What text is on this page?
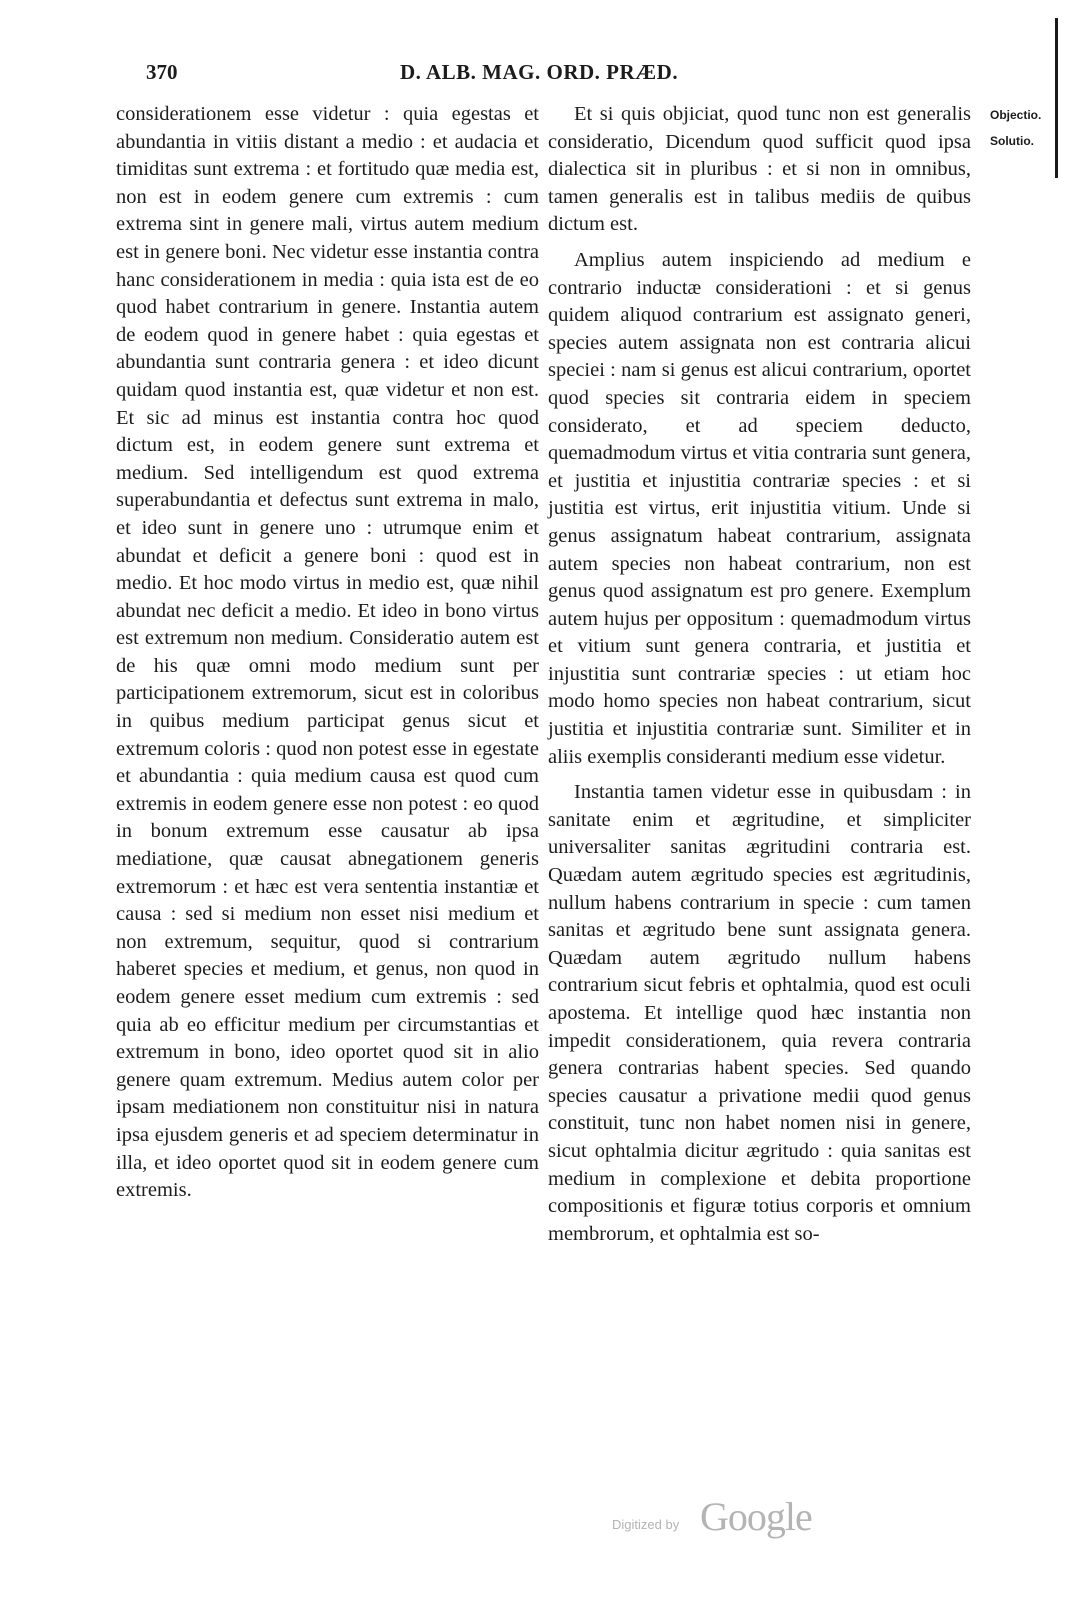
370	D. ALB. MAG. ORD. PRÆD.
Objectio.
Solutio.

considerationem esse videtur : quia egestas et abundantia in vitiis distant a medio : et audacia et timiditas sunt extrema : et fortitudo quæ media est, non est in eodem genere cum extremis : cum extrema sint in genere mali, virtus autem medium est in genere boni. Nec videtur esse instantia contra hanc considerationem in media : quia ista est de eo quod habet contrarium in genere. Instantia autem de eodem quod in genere habet : quia egestas et abundantia sunt contraria genera : et ideo dicunt quidam quod instantia est, quæ videtur et non est. Et sic ad minus est instantia contra hoc quod dictum est, in eodem genere sunt extrema et medium. Sed intelligendum est quod extrema superabundantia et defectus sunt extrema in malo, et ideo sunt in genere uno : utrumque enim et abundat et deficit a genere boni : quod est in medio. Et hoc modo virtus in medio est, quæ nihil abundat nec deficit a medio. Et ideo in bono virtus est extremum non medium. Consideratio autem est de his quæ omni modo medium sunt per participationem extremorum, sicut est in coloribus in quibus medium participat genus sicut et extremum coloris : quod non potest esse in egestate et abundantia : quia medium causa est quod cum extremis in eodem genere esse non potest : eo quod in bonum extremum esse causatur ab ipsa mediatione, quæ causat abnegationem generis extremorum : et hæc est vera sententia instantiæ et causa : sed si medium non esset nisi medium et non extremum, sequitur, quod si contrarium haberet species et medium, et genus, non quod in eodem genere esset medium cum extremis : sed quia ab eo efficitur medium per circumstantias et extremum in bono, ideo oportet quod sit in alio genere quam extremum. Medius autem color per ipsam mediationem non constituitur nisi in natura ipsa ejusdem generis et ad speciem determinatur in illa, et ideo oportet quod sit in eodem genere cum extremis.

Et si quis objiciat, quod tunc non est generalis consideratio, Dicendum quod sufficit quod ipsa dialectica sit in pluribus : et si non in omnibus, tamen generalis est in talibus mediis de quibus dictum est.

Amplius autem inspiciendo ad medium e contrario inductæ considerationi : et si genus quidem aliquod contrarium est assignato generi, species autem assignata non est contraria alicui speciei : nam si genus est alicui contrarium, oportet quod species sit contraria eidem in speciem considerato, et ad speciem deducto, quemadmodum virtus et vitia contraria sunt genera, et justitia et injustitia contrariæ species : et si justitia est virtus, erit injustitia vitium. Unde si genus assignatum habeat contrarium, assignata autem species non habeat contrarium, non est genus quod assignatum est pro genere. Exemplum autem hujus per oppositum : quemadmodum virtus et vitium sunt genera contraria, et justitia et injustitia sunt contrariæ species : ut etiam hoc modo homo species non habeat contrarium, sicut justitia et injustitia contrariæ sunt. Similiter et in aliis exemplis consideranti medium esse videtur.

Instantia tamen videtur esse in quibusdam : in sanitate enim et ægritudine, et simpliciter universaliter sanitas ægritudini contraria est. Quædam autem ægritudo species est ægritudinis, nullum habens contrarium in specie : cum tamen sanitas et ægritudo bene sunt assignata genera. Quædam autem ægritudo nullum habens contrarium sicut febris et ophtalmia, quod est oculi apostema. Et intellige quod hæc instantia non impedit considerationem, quia revera contraria genera contrarias habent species. Sed quando species causatur a privatione medii quod genus constituit, tunc non habet nomen nisi in genere, sicut ophtalmia dicitur ægritudo : quia sanitas est medium in complexione et debita proportione compositionis et figuræ totius corporis et omnium membrorum, et ophtalmia est so-

Digitized by Google
